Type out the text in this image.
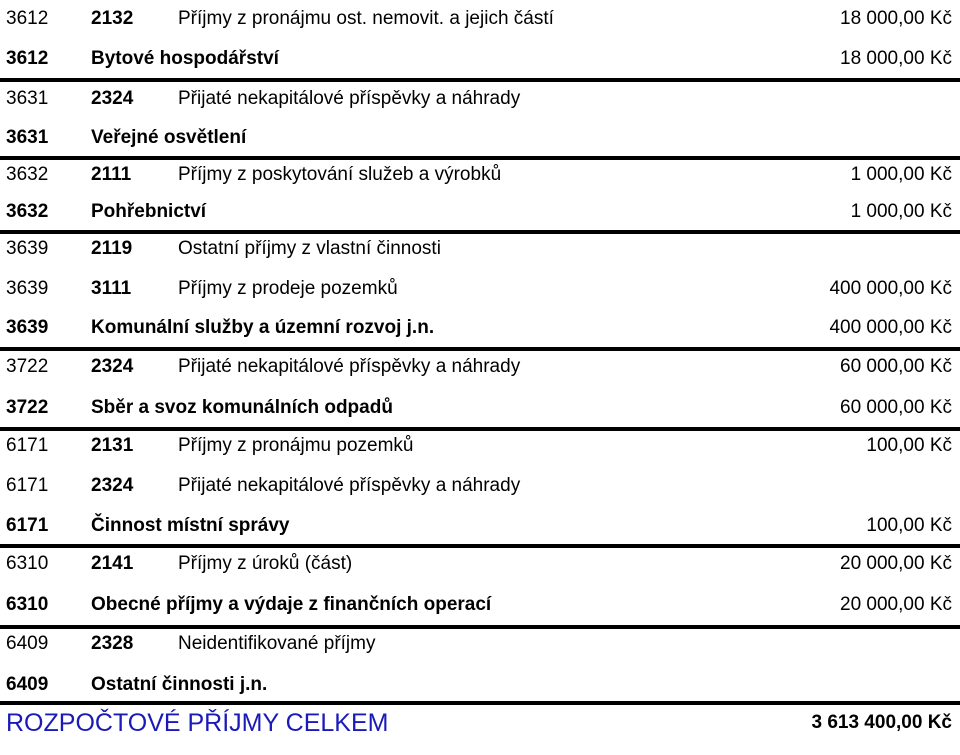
3612 2132 Příjmy z pronájmu ost. nemovit. a jejich částí	18 000,00 Kč
3612 Bytové hospodářství	18 000,00 Kč
3631 2324 Přijaté nekapitálové příspěvky a náhrady
3631 Veřejné osvětlení
3632 2111 Příjmy z poskytování služeb a výrobků	1 000,00 Kč
3632 Pohřebnictví	1 000,00 Kč
3639 2119 Ostatní příjmy z vlastní činnosti
3639 3111 Příjmy z prodeje pozemků	400 000,00 Kč
3639 Komunální služby a územní rozvoj j.n.	400 000,00 Kč
3722 2324 Přijaté nekapitálové příspěvky a náhrady	60 000,00 Kč
3722 Sběr a svoz komunálních odpadů	60 000,00 Kč
6171 2131 Příjmy z pronájmu pozemků	100,00 Kč
6171 2324 Přijaté nekapitálové příspěvky a náhrady
6171 Činnost místní správy	100,00 Kč
6310 2141 Příjmy z úroků (část)	20 000,00 Kč
6310 Obecné příjmy a výdaje z finančních operací	20 000,00 Kč
6409 2328 Neidentifikované příjmy
6409 Ostatní činnosti j.n.
ROZPOČTOVÉ PŘÍJMY CELKEM	3 613 400,00 Kč
